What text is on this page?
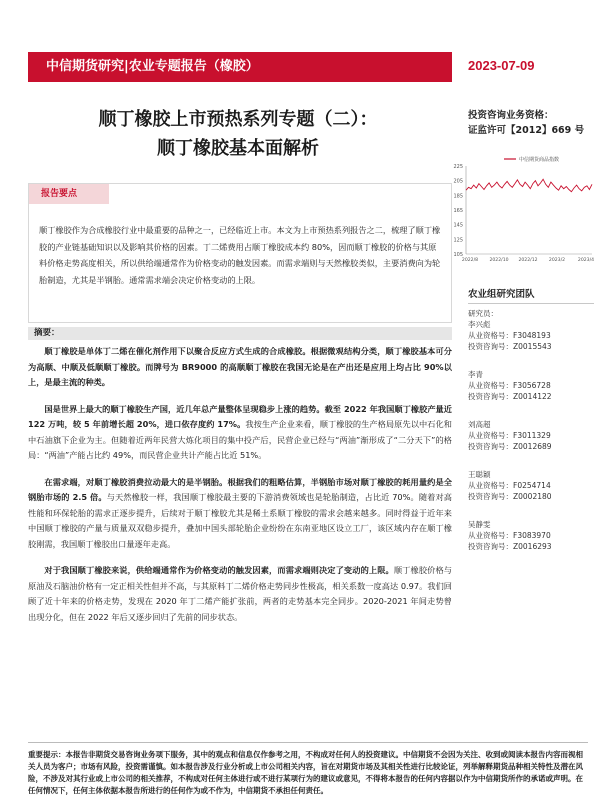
中信期货研究|农业专题报告（橡胶）	2023-07-09
顺丁橡胶上市预热系列专题（二）：
顺丁橡胶基本面解析
投资咨询业务资格：
证监许可【2012】669 号
105
125
145
165
185
205
225
2022/8 2022/10 2022/12 2023/2	2023/4
中信期货商品指数
报告要点
顺丁橡胶作为合成橡胶行业中最重要的品种之一，已经临近上市。本文为上市预热系列报告之二，梳理了顺丁橡胶的产业链基础知识以及影响其价格的因素。丁二烯费用占顺丁橡胶成本约 80%，因而顺丁橡胶的价格与其原料价格走势高度相关，所以供给端通常作为价格变动的触发因素。而需求端则与天然橡胶类似，主要消费向为轮胎制造，尤其是半钢胎。通常需求端会决定价格变动的上限。
摘要：

顺丁橡胶是单体丁二烯在催化剂作用下以聚合反应方式生成的合成橡胶。根据微观结构分类，顺丁橡胶基本可分为高顺、中顺及低顺顺丁橡胶。而牌号为 BR9000 的高顺顺丁橡胶在我国无论是在产出还是应用上均占比 90%以上，是最主流的种类。

国是世界上最大的顺丁橡胶生产国，近几年总产量整体呈现稳步上涨的趋势。截至 2022 年我国顺丁橡胶产量近 122 万吨，较 5 年前增长超 20%，进口依存度约 17%。我按生产企业来看，顺丁橡胶的生产格局原先以中石化和中石油旗下企业为主。但随着近两年民营大炼化项目的集中投产后，民营企业已经与“两油”渐形成了“二分天下”的格局：“两油”产能占比约 49%，而民营企业共计产能占比近 51%。

在需求端，对顺丁橡胶消费拉动最大的是半钢胎。根据我们的粗略估算，半钢胎市场对顺丁橡胶的耗用量约是全钢胎市场的 2.5 倍。与天然橡胶一样，我国顺丁橡胶最主要的下游消费领域也是轮胎制造，占比近 70%。随着对高性能和环保轮胎的需求正逐步提升，后续对于顺丁橡胶尤其是稀土系顺丁橡胶的需求会越来越多。同时得益于近年来中国顺丁橡胶的产量与质量双双稳步提升，叠加中国头部轮胎企业纷纷在东南亚地区设立工厂，该区域内存在顺丁橡胶刚需，我国顺丁橡胶出口量逐年走高。

对于我国顺丁橡胶来说，供给端通常作为价格变动的触发因素，而需求端则决定了变动的上限。顺丁橡胶价格与原油及石脑油价格有一定正相关性但并不高，与其原料丁二烯价格走势同步性极高，相关系数一度高达 0.97。我们回顾了近十年来的价格走势，发现在 2020 年丁二烯产能扩张前，两者的走势基本完全同步。2020-2021 年间走势曾出现分化，但在 2022 年后又逐步回归了先前的同步状态。

农业组研究团队
研究员：
李兴彪
从业资格号：F3048193
投资咨询号：Z0015543
李青
从业资格号：F3056728
投资咨询号：Z0014122
刘高超
从业资格号：F3011329
投资咨询号：Z0012689
王聪颖
从业资格号：F0254714
投资咨询号：Z0002180
吴静雯
从业资格号：F3083970
投资咨询号：Z0016293
重要提示：本报告非期货交易咨询业务项下服务，其中的观点和信息仅作参考之用，不构成对任何人的投资建议。中信期货不会因为关注、收到或阅读本报告内容而视相关人员为客户；市场有风险，投资需谨慎。如本报告涉及行业分析或上市公司相关内容，旨在对期货市场及其相关性进行比较论证，列举解释期货品种相关特性及潜在风险，不涉及对其行业或上市公司的相关推荐，不构成对任何主体进行或不进行某项行为的建议或意见，不得将本报告的任何内容据以作为中信期货所作的承诺或声明。在任何情况下，任何主体依据本报告所进行的任何作为或不作为，中信期货不承担任何责任。
